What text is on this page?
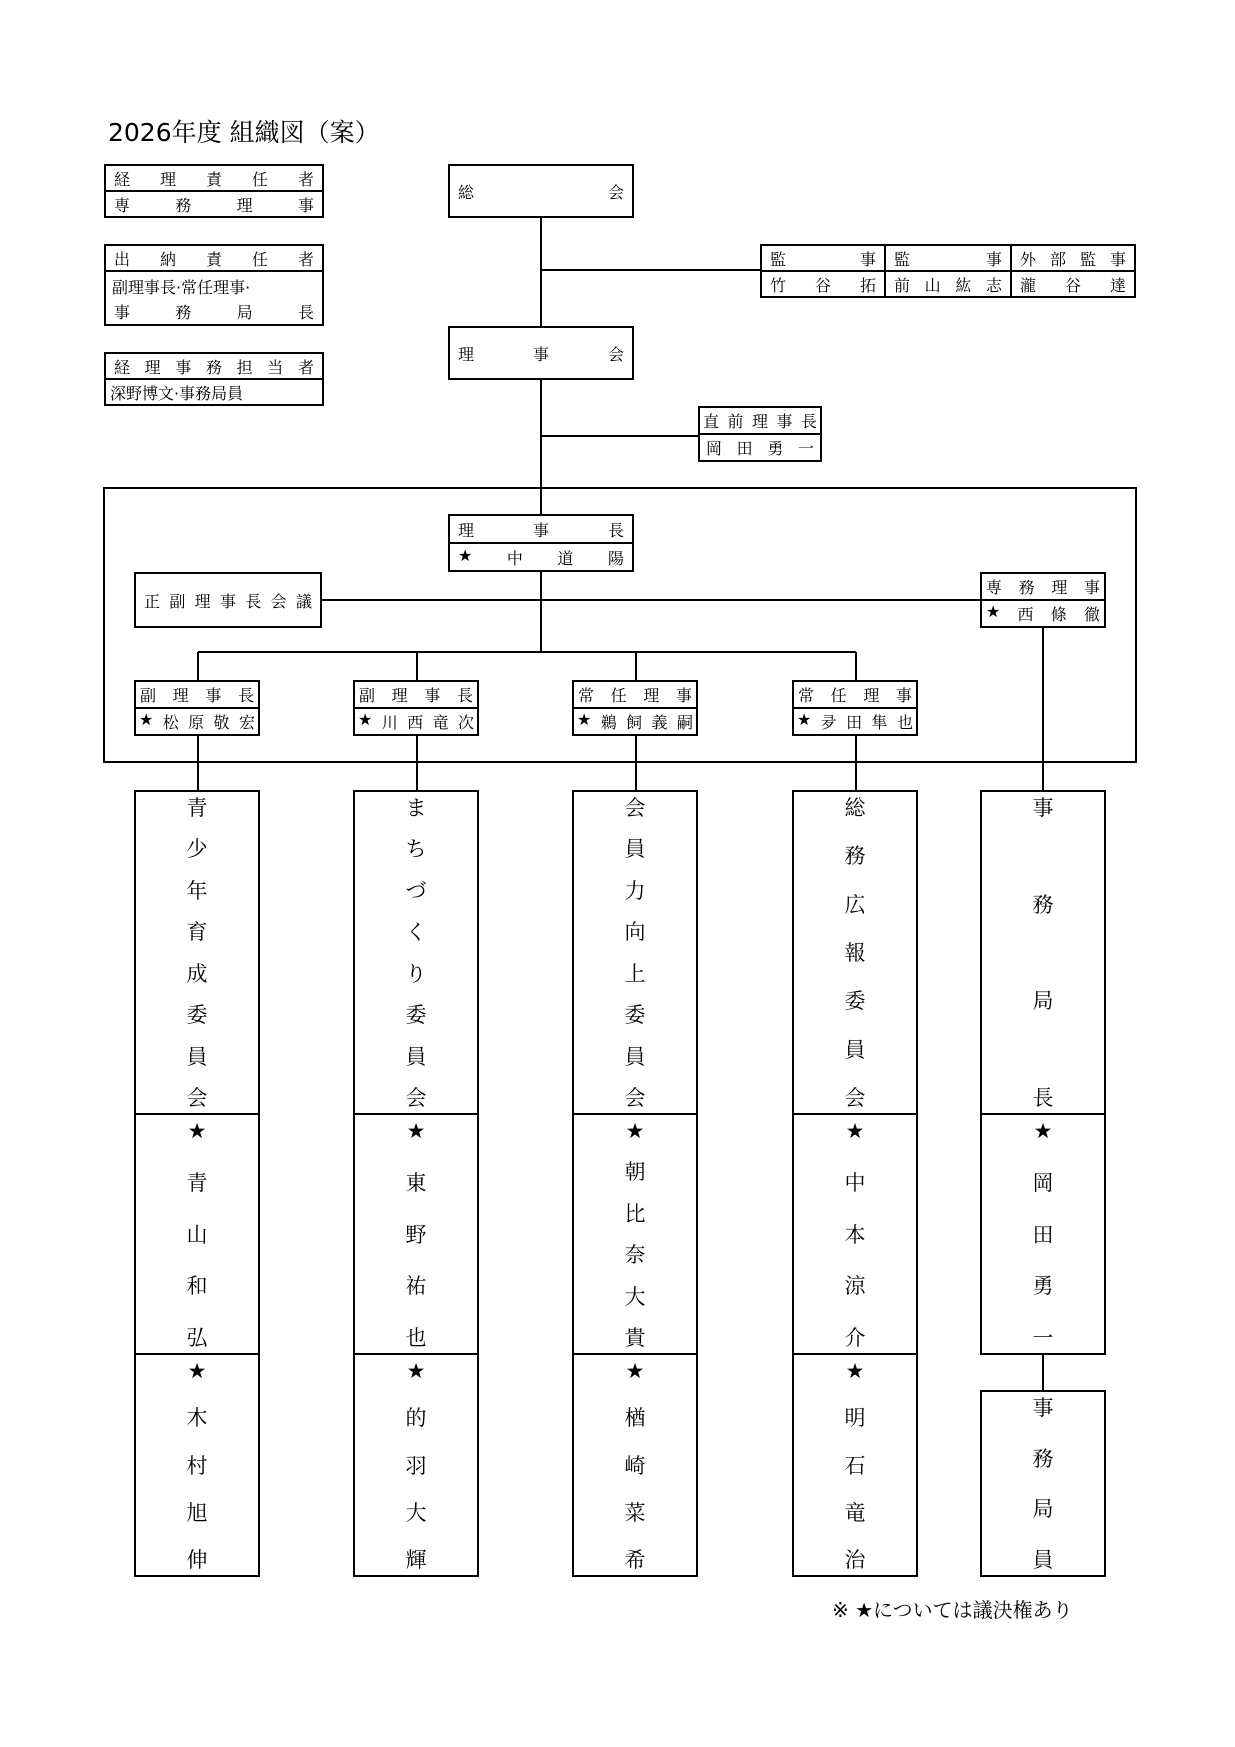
2026年度 組織図（案）
経 理 責 任 者
専	務	理	事
出 納 責 任 者
副理事長·常任理事·
事	務	局	長
経 理 事 務 担 当 者
深野博文·事務局員
総	会
監	事
竹 谷 拓
監	事
前 山 紘 志
外 部 監 事
瀧 谷 達
理	事	会
直 前 理 事 長
岡 田 勇 一
理	事	長
★ 中 道 陽
正 副 理 事 長 会 議
専 務 理 事
★ 西 條 徹
副 理 事 長
★ 松 原 敬 宏
副 理 事 長
★ 川 西 竜 次
常 任 理 事
★ 鵜 飼 義 嗣
常 任 理 事
★ 夛 田 隼 也
青
少
年
育
成
委
員
会
★
青
山
和
弘
★
木
村
旭
伸
ま
ち
づ
く
り
委
員
会
★
東
野
祐
也
★
的
羽
大
輝
会
員
力
向
上
委
員
会
★
朝
比
奈
大
貴
★
楢
崎
菜
希
総
務
広
報
委
員
会
★
中
本
涼
介
★
明
石
竜
治
事
務
局
長
★
岡
田
勇
一
事
務
局
員
※ ★については議決権あり
